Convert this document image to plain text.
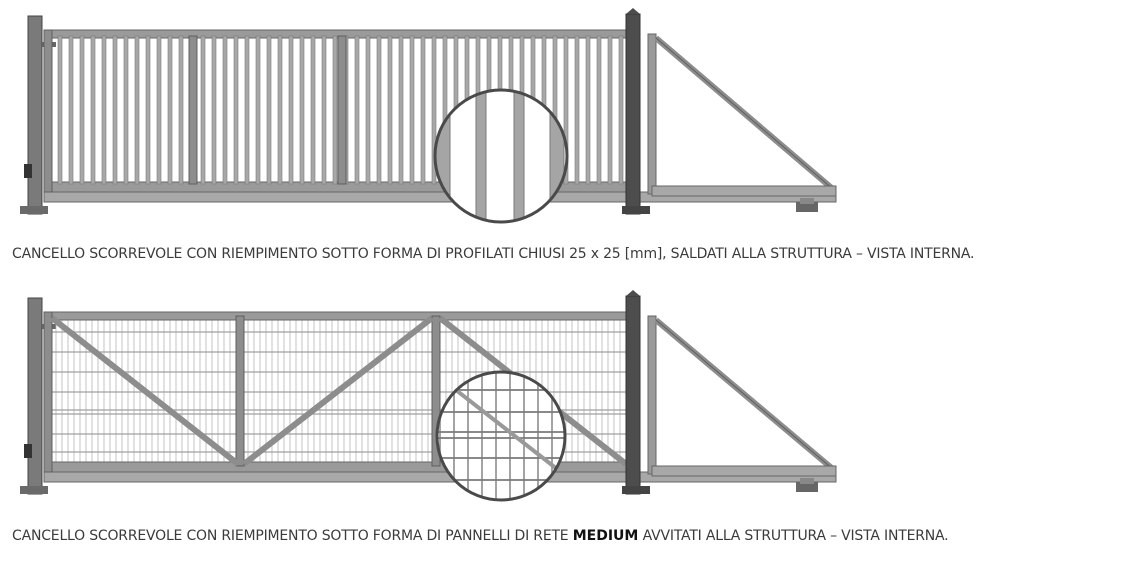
CANCELLO SCORREVOLE CON RIEMPIMENTO SOTTO FORMA DI PROFILATI CHIUSI 25 x 25 [mm], SALDATI ALLA STRUTTURA – VISTA INTERNA.
CANCELLO SCORREVOLE CON RIEMPIMENTO SOTTO FORMA DI PANNELLI DI RETE MEDIUM AVVITATI ALLA STRUTTURA – VISTA INTERNA.
